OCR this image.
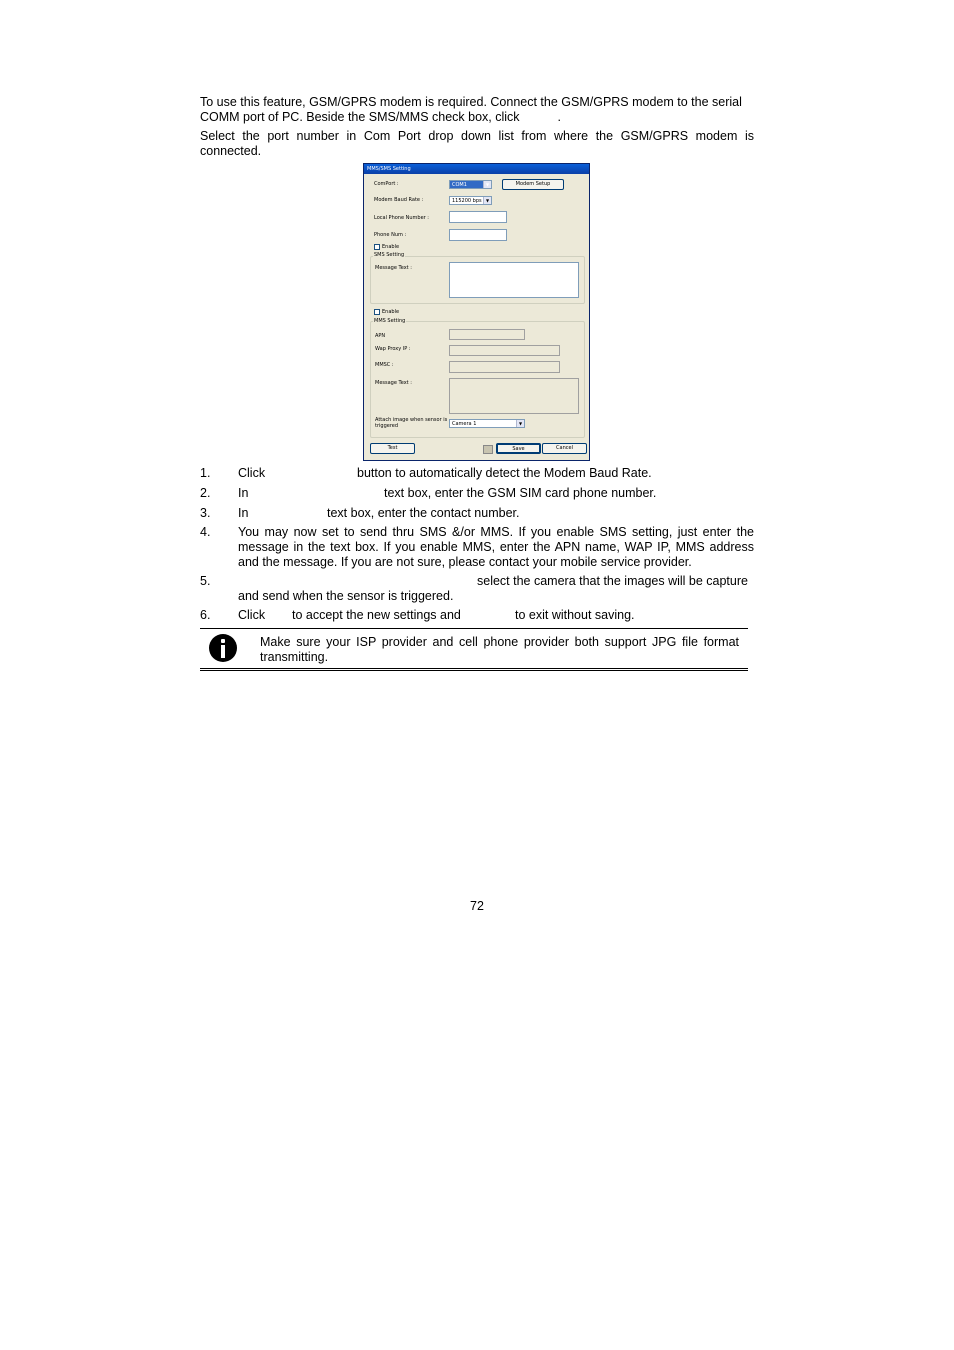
To use this feature, GSM/GPRS modem is required. Connect the GSM/GPRS modem to the serial
COMM port of PC. Beside the SMS/MMS check box, click	.
Select the port number in Com Port drop down list from where the GSM/GPRS modem is connected.
MMS/SMS Setting
ComPort :	COM1	▼	Modem Setup
Modem Baud Rate :	115200 bps	▼
Local Phone Number :
Phone Num :
Enable
SMS Setting
Message Text :
Enable
MMS Setting
APN
Wap Proxy IP :
MMSC :
Message Text :
Attach image when sensor is
triggered	Camera 1	▼
Test	Save	Cancel
1. Click	button to automatically detect the Modem Baud Rate.
2. In	text box, enter the GSM SIM card phone number.
3. In	text box, enter the contact number.
4. You may now set to send thru SMS &/or MMS. If you enable SMS setting, just enter the message in the text box. If you enable MMS, enter the APN name, WAP IP, MMS address and the message. If you are not sure, please contact your mobile service provider.
5.	select the camera that the images will be capture
and send when the sensor is triggered.
6. Click to accept the new settings and	to exit without saving.
Make sure your ISP provider and cell phone provider both support JPG file format transmitting.
72
